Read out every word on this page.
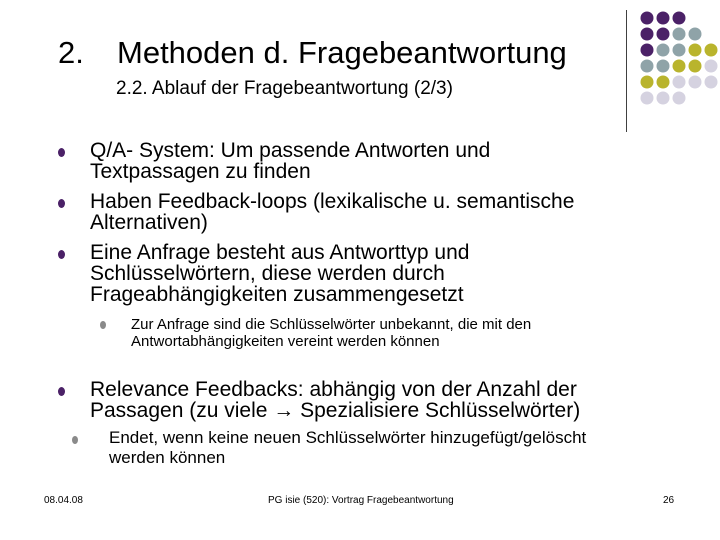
2. Methoden d. Fragebeantwortung
2.2. Ablauf der Fragebeantwortung (2/3)
Q/A- System: Um passende Antworten und
Textpassagen zu finden
Haben Feedback-loops (lexikalische u. semantische
Alternativen)
Eine Anfrage besteht aus Antworttyp und
Schlüsselwörtern, diese werden durch
Frageabhängigkeiten zusammengesetzt
Zur Anfrage sind die Schlüsselwörter unbekannt, die mit den
Antwortabhängigkeiten vereint werden können
Relevance Feedbacks: abhängig von der Anzahl der
Passagen (zu viele → Spezialisiere Schlüsselwörter)
Endet, wenn keine neuen Schlüsselwörter hinzugefügt/gelöscht
werden können
08.04.08	PG isie (520): Vortrag Fragebeantwortung	26
